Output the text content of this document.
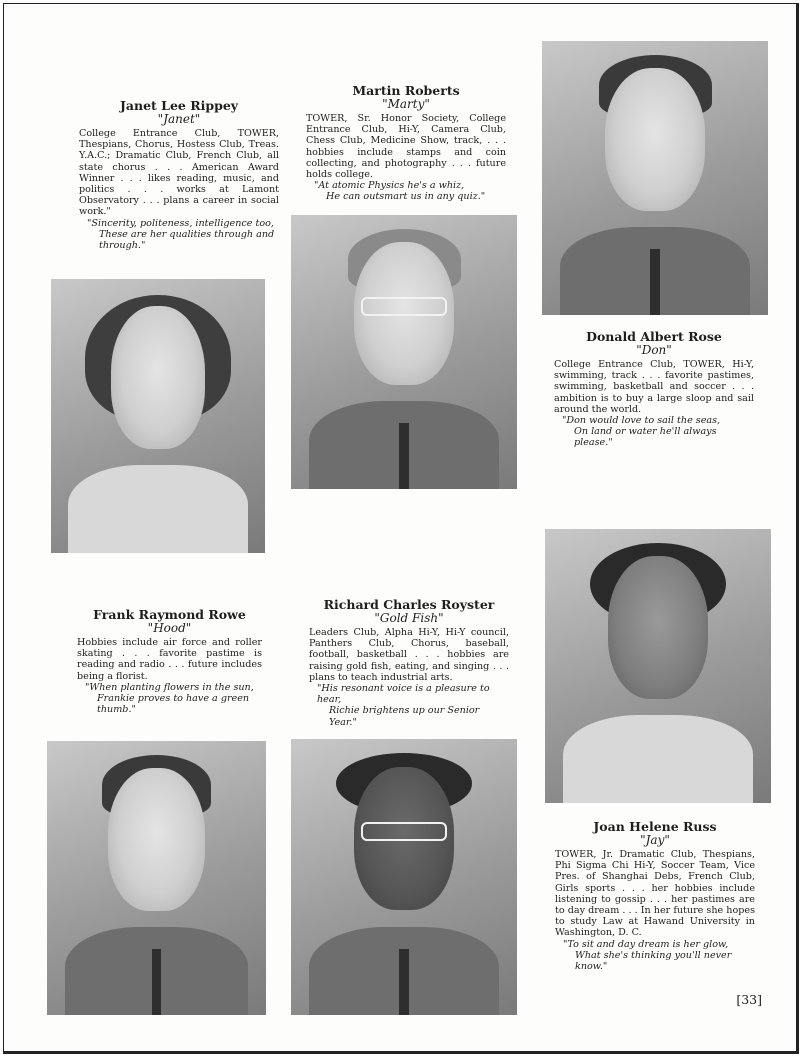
Janet Lee Rippey
"Janet"
College Entrance Club, TOWER, Thespians, Chorus, Hostess Club, Treas. Y.A.C.; Dramatic Club, French Club, all state chorus . . . American Award Winner . . . likes reading, music, and politics . . . works at Lamont Observatory . . . plans a career in social work."
"Sincerity, politeness, intelligence too,
These are her qualities through and through."
Martin Roberts
"Marty"
TOWER, Sr. Honor Society, College Entrance Club, Hi-Y, Camera Club, Chess Club, Medicine Show, track, . . . hobbies include stamps and coin collecting, and photography . . . future holds college.
"At atomic Physics he's a whiz,
He can outsmart us in any quiz."
Donald Albert Rose
"Don"
College Entrance Club, TOWER, Hi-Y, swimming, track . . . favorite pastimes, swimming, basketball and soccer . . . ambition is to buy a large sloop and sail around the world.
"Don would love to sail the seas,
On land or water he'll always please."
Frank Raymond Rowe
"Hood"
Hobbies include air force and roller skating . . . favorite pastime is reading and radio . . . future includes being a florist.
"When planting flowers in the sun,
Frankie proves to have a green thumb."
Richard Charles Royster
"Gold Fish"
Leaders Club, Alpha Hi-Y, Hi-Y council, Panthers Club, Chorus, baseball, football, basketball . . . hobbies are raising gold fish, eating, and singing . . . plans to teach industrial arts.
"His resonant voice is a pleasure to hear,
Richie brightens up our Senior Year."
Joan Helene Russ
"Jay"
TOWER, Jr. Dramatic Club, Thespians, Phi Sigma Chi Hi-Y, Soccer Team, Vice Pres. of Shanghai Debs, French Club, Girls sports . . . her hobbies include listening to gossip . . . her pastimes are to day dream . . . In her future she hopes to study Law at Hawand University in Washington, D. C.
"To sit and day dream is her glow,
What she's thinking you'll never know."
[33]
